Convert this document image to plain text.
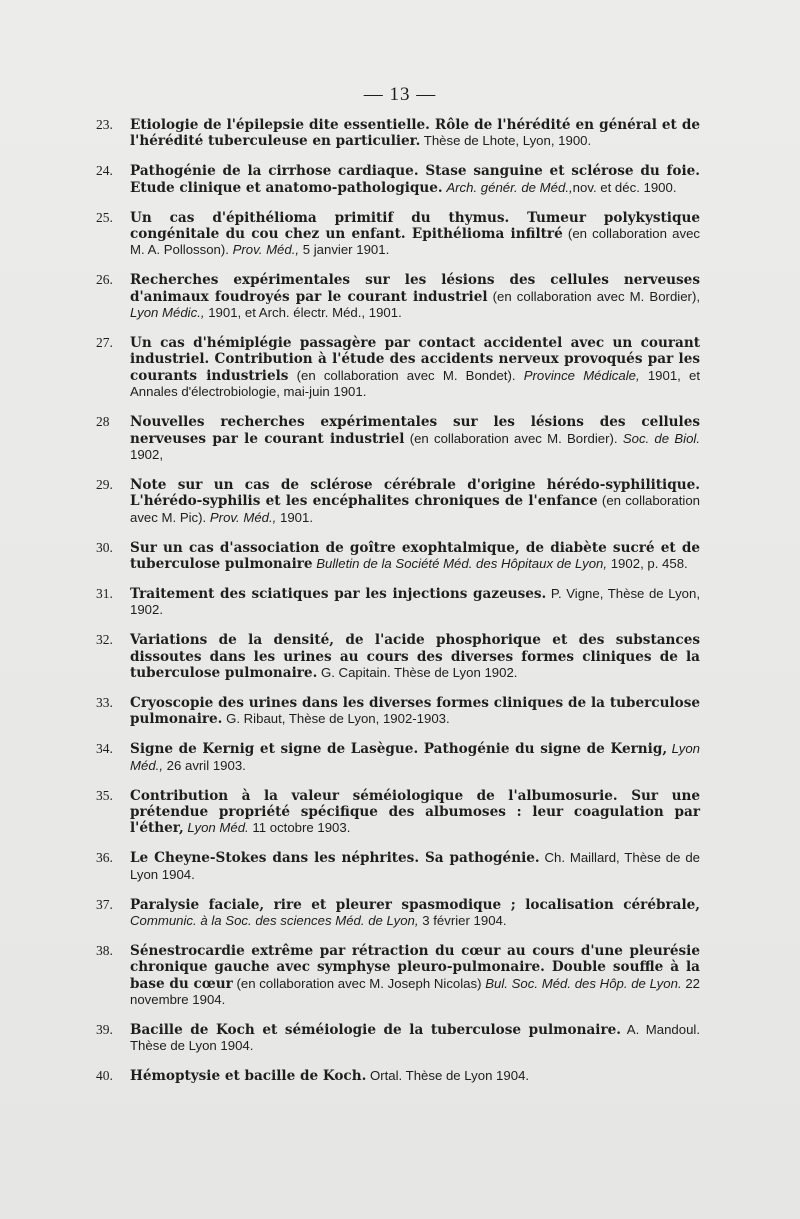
— 13 —
23.	Etiologie de l'épilepsie dite essentielle. Rôle de l'hérédité en général et de l'hérédité tuberculeuse en particulier. Thèse de Lhote, Lyon, 1900.
24.	Pathogénie de la cirrhose cardiaque. Stase sanguine et sclérose du foie. Etude clinique et anatomo-pathologique. Arch. génér. de Méd.,nov. et déc. 1900.
25.	Un cas d'épithélioma primitif du thymus. Tumeur polykystique congénitale du cou chez un enfant. Epithélioma infiltré (en collaboration avec M. A. Pollosson). Prov. Méd., 5 janvier 1901.
26.	Recherches expérimentales sur les lésions des cellules nerveuses d'animaux foudroyés par le courant industriel (en collaboration avec M. Bordier), Lyon Médic., 1901, et Arch. électr. Méd., 1901.
27.	Un cas d'hémiplégie passagère par contact accidentel avec un courant industriel. Contribution à l'étude des accidents nerveux provoqués par les courants industriels (en collaboration avec M. Bondet). Province Médicale, 1901, et Annales d'électrobiologie, mai-juin 1901.
28	Nouvelles recherches expérimentales sur les lésions des cellules nerveuses par le courant industriel (en collaboration avec M. Bordier). Soc. de Biol. 1902,
29.	Note sur un cas de sclérose cérébrale d'origine hérédo-syphilitique. L'hérédo-syphilis et les encéphalites chroniques de l'enfance (en collaboration avec M. Pic). Prov. Méd., 1901.
30.	Sur un cas d'association de goître exophtalmique, de diabète sucré et de tuberculose pulmonaire Bulletin de la Société Méd. des Hôpitaux de Lyon, 1902, p. 458.
31.	Traitement des sciatiques par les injections gazeuses. P. Vigne, Thèse de Lyon, 1902.
32.	Variations de la densité, de l'acide phosphorique et des substances dissoutes dans les urines au cours des diverses formes cliniques de la tuberculose pulmonaire. G. Capitain. Thèse de Lyon 1902.
33.	Cryoscopie des urines dans les diverses formes cliniques de la tuberculose pulmonaire. G. Ribaut, Thèse de Lyon, 1902-1903.
34.	Signe de Kernig et signe de Lasègue. Pathogénie du signe de Kernig, Lyon Méd., 26 avril 1903.
35.	Contribution à la valeur séméiologique de l'albumosurie. Sur une prétendue propriété spécifique des albumoses : leur coagulation par l'éther, Lyon Méd. 11 octobre 1903.
36.	Le Cheyne-Stokes dans les néphrites. Sa pathogénie. Ch. Maillard, Thèse de de Lyon 1904.
37.	Paralysie faciale, rire et pleurer spasmodique ; localisation cérébrale, Communic. à la Soc. des sciences Méd. de Lyon, 3 février 1904.
38.	Sénestrocardie extrême par rétraction du cœur au cours d'une pleurésie chronique gauche avec symphyse pleuro-pulmonaire. Double souffle à la base du cœur (en collaboration avec M. Joseph Nicolas) Bul. Soc. Méd. des Hôp. de Lyon. 22 novembre 1904.
39.	Bacille de Koch et séméiologie de la tuberculose pulmonaire. A. Mandoul. Thèse de Lyon 1904.
40.	Hémoptysie et bacille de Koch. Ortal. Thèse de Lyon 1904.
